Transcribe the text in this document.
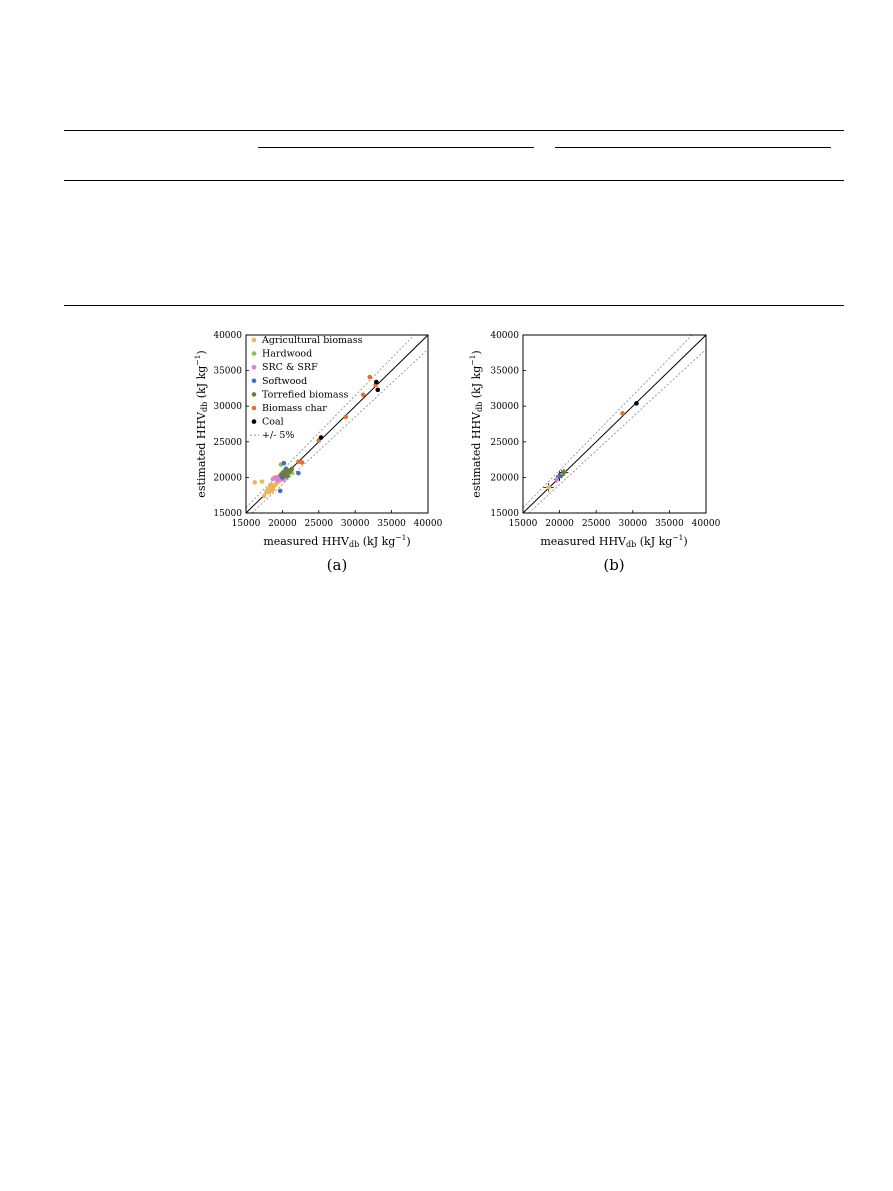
15000 20000 25000 30000 35000 40000
15000
20000
25000
30000
35000
40000 Agricultural biomass
Hardwood
SRC & SRF
Softwood
Torrefied biomass
Biomass char
Coal
+/- 5%
measured HHVdb (kJ $kg^{-1}$)
estimated HHVdb (kJ $kg^{-1}$)
(a)
15000 20000 25000 30000 35000 40000
15000
20000
25000
30000
35000
40000
measured HHVdb (kJ $kg^{-1}$)
estimated HHVdb (kJ $kg^{-1}$)
(b)
